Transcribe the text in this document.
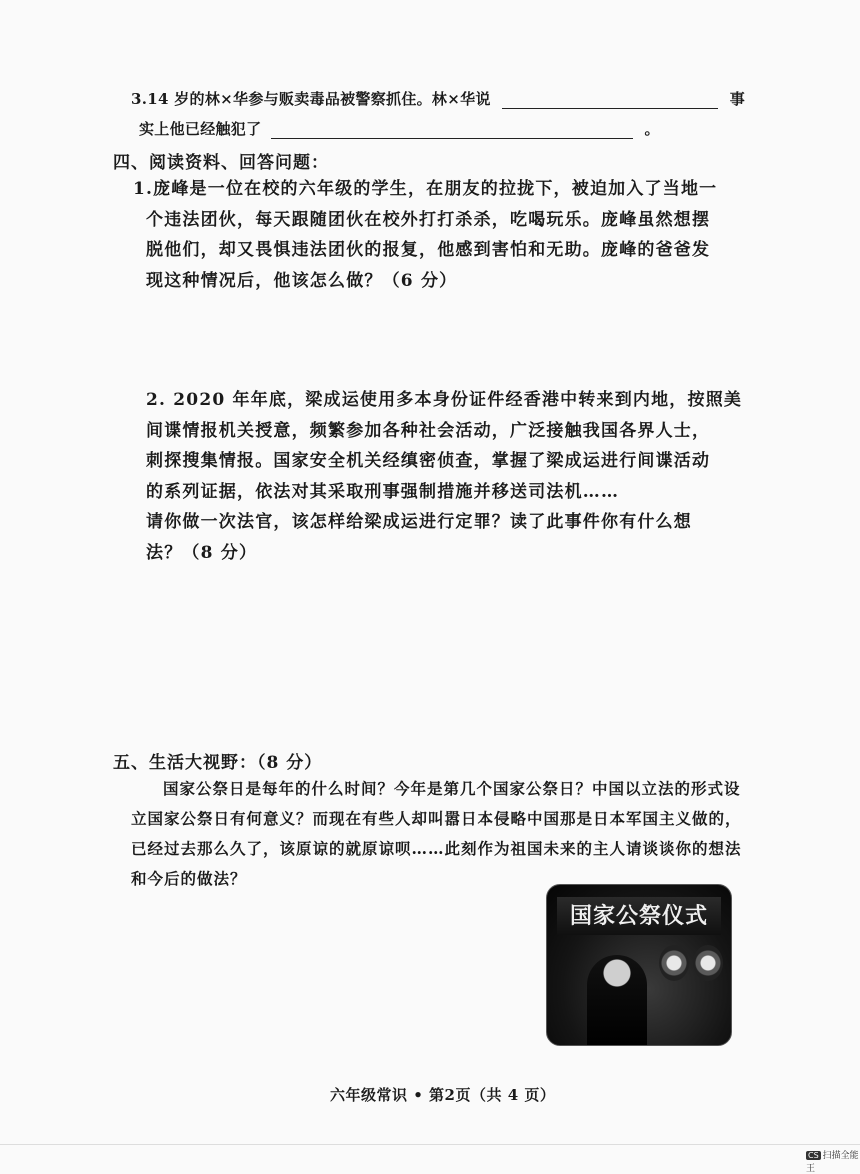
3.14 岁的林×华参与贩卖毒品被警察抓住。林×华说	事
实上他已经触犯了	。
四、阅读资料、回答问题：
1.庞峰是一位在校的六年级的学生，在朋友的拉拢下，被迫加入了当地一
个违法团伙，每天跟随团伙在校外打打杀杀，吃喝玩乐。庞峰虽然想摆
脱他们，却又畏惧违法团伙的报复，他感到害怕和无助。庞峰的爸爸发
现这种情况后，他该怎么做？（6 分）
2. 2020 年年底，梁成运使用多本身份证件经香港中转来到内地，按照美
间谍情报机关授意，频繁参加各种社会活动，广泛接触我国各界人士，
刺探搜集情报。国家安全机关经缜密侦查，掌握了梁成运进行间谍活动
的系列证据，依法对其采取刑事强制措施并移送司法机……
请你做一次法官，该怎样给梁成运进行定罪？读了此事件你有什么想
法？（8 分）
五、生活大视野：（8 分）
国家公祭日是每年的什么时间？今年是第几个国家公祭日？中国以立法的形式设
立国家公祭日有何意义？而现在有些人却叫嚣日本侵略中国那是日本军国主义做的，
已经过去那么久了，该原谅的就原谅呗……此刻作为祖国未来的主人请谈谈你的想法
和今后的做法？
国家公祭仪式
六年级常识 • 第2页（共 4 页）
CS 扫描全能王
